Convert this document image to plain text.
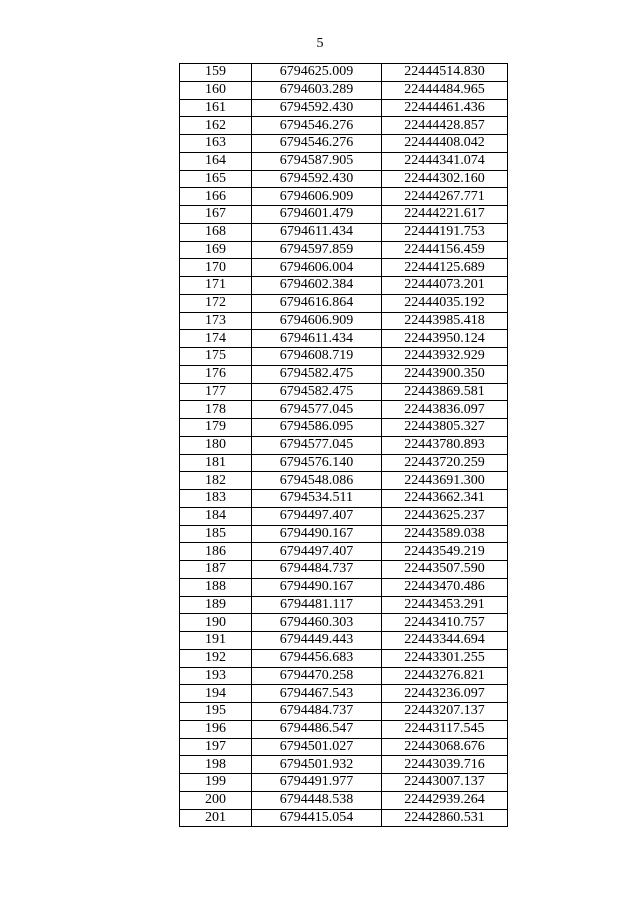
5
159	6794625.009	22444514.830
160	6794603.289	22444484.965
161	6794592.430	22444461.436
162	6794546.276	22444428.857
163	6794546.276	22444408.042
164	6794587.905	22444341.074
165	6794592.430	22444302.160
166	6794606.909	22444267.771
167	6794601.479	22444221.617
168	6794611.434	22444191.753
169	6794597.859	22444156.459
170	6794606.004	22444125.689
171	6794602.384	22444073.201
172	6794616.864	22444035.192
173	6794606.909	22443985.418
174	6794611.434	22443950.124
175	6794608.719	22443932.929
176	6794582.475	22443900.350
177	6794582.475	22443869.581
178	6794577.045	22443836.097
179	6794586.095	22443805.327
180	6794577.045	22443780.893
181	6794576.140	22443720.259
182	6794548.086	22443691.300
183	6794534.511	22443662.341
184	6794497.407	22443625.237
185	6794490.167	22443589.038
186	6794497.407	22443549.219
187	6794484.737	22443507.590
188	6794490.167	22443470.486
189	6794481.117	22443453.291
190	6794460.303	22443410.757
191	6794449.443	22443344.694
192	6794456.683	22443301.255
193	6794470.258	22443276.821
194	6794467.543	22443236.097
195	6794484.737	22443207.137
196	6794486.547	22443117.545
197	6794501.027	22443068.676
198	6794501.932	22443039.716
199	6794491.977	22443007.137
200	6794448.538	22442939.264
201	6794415.054	22442860.531
